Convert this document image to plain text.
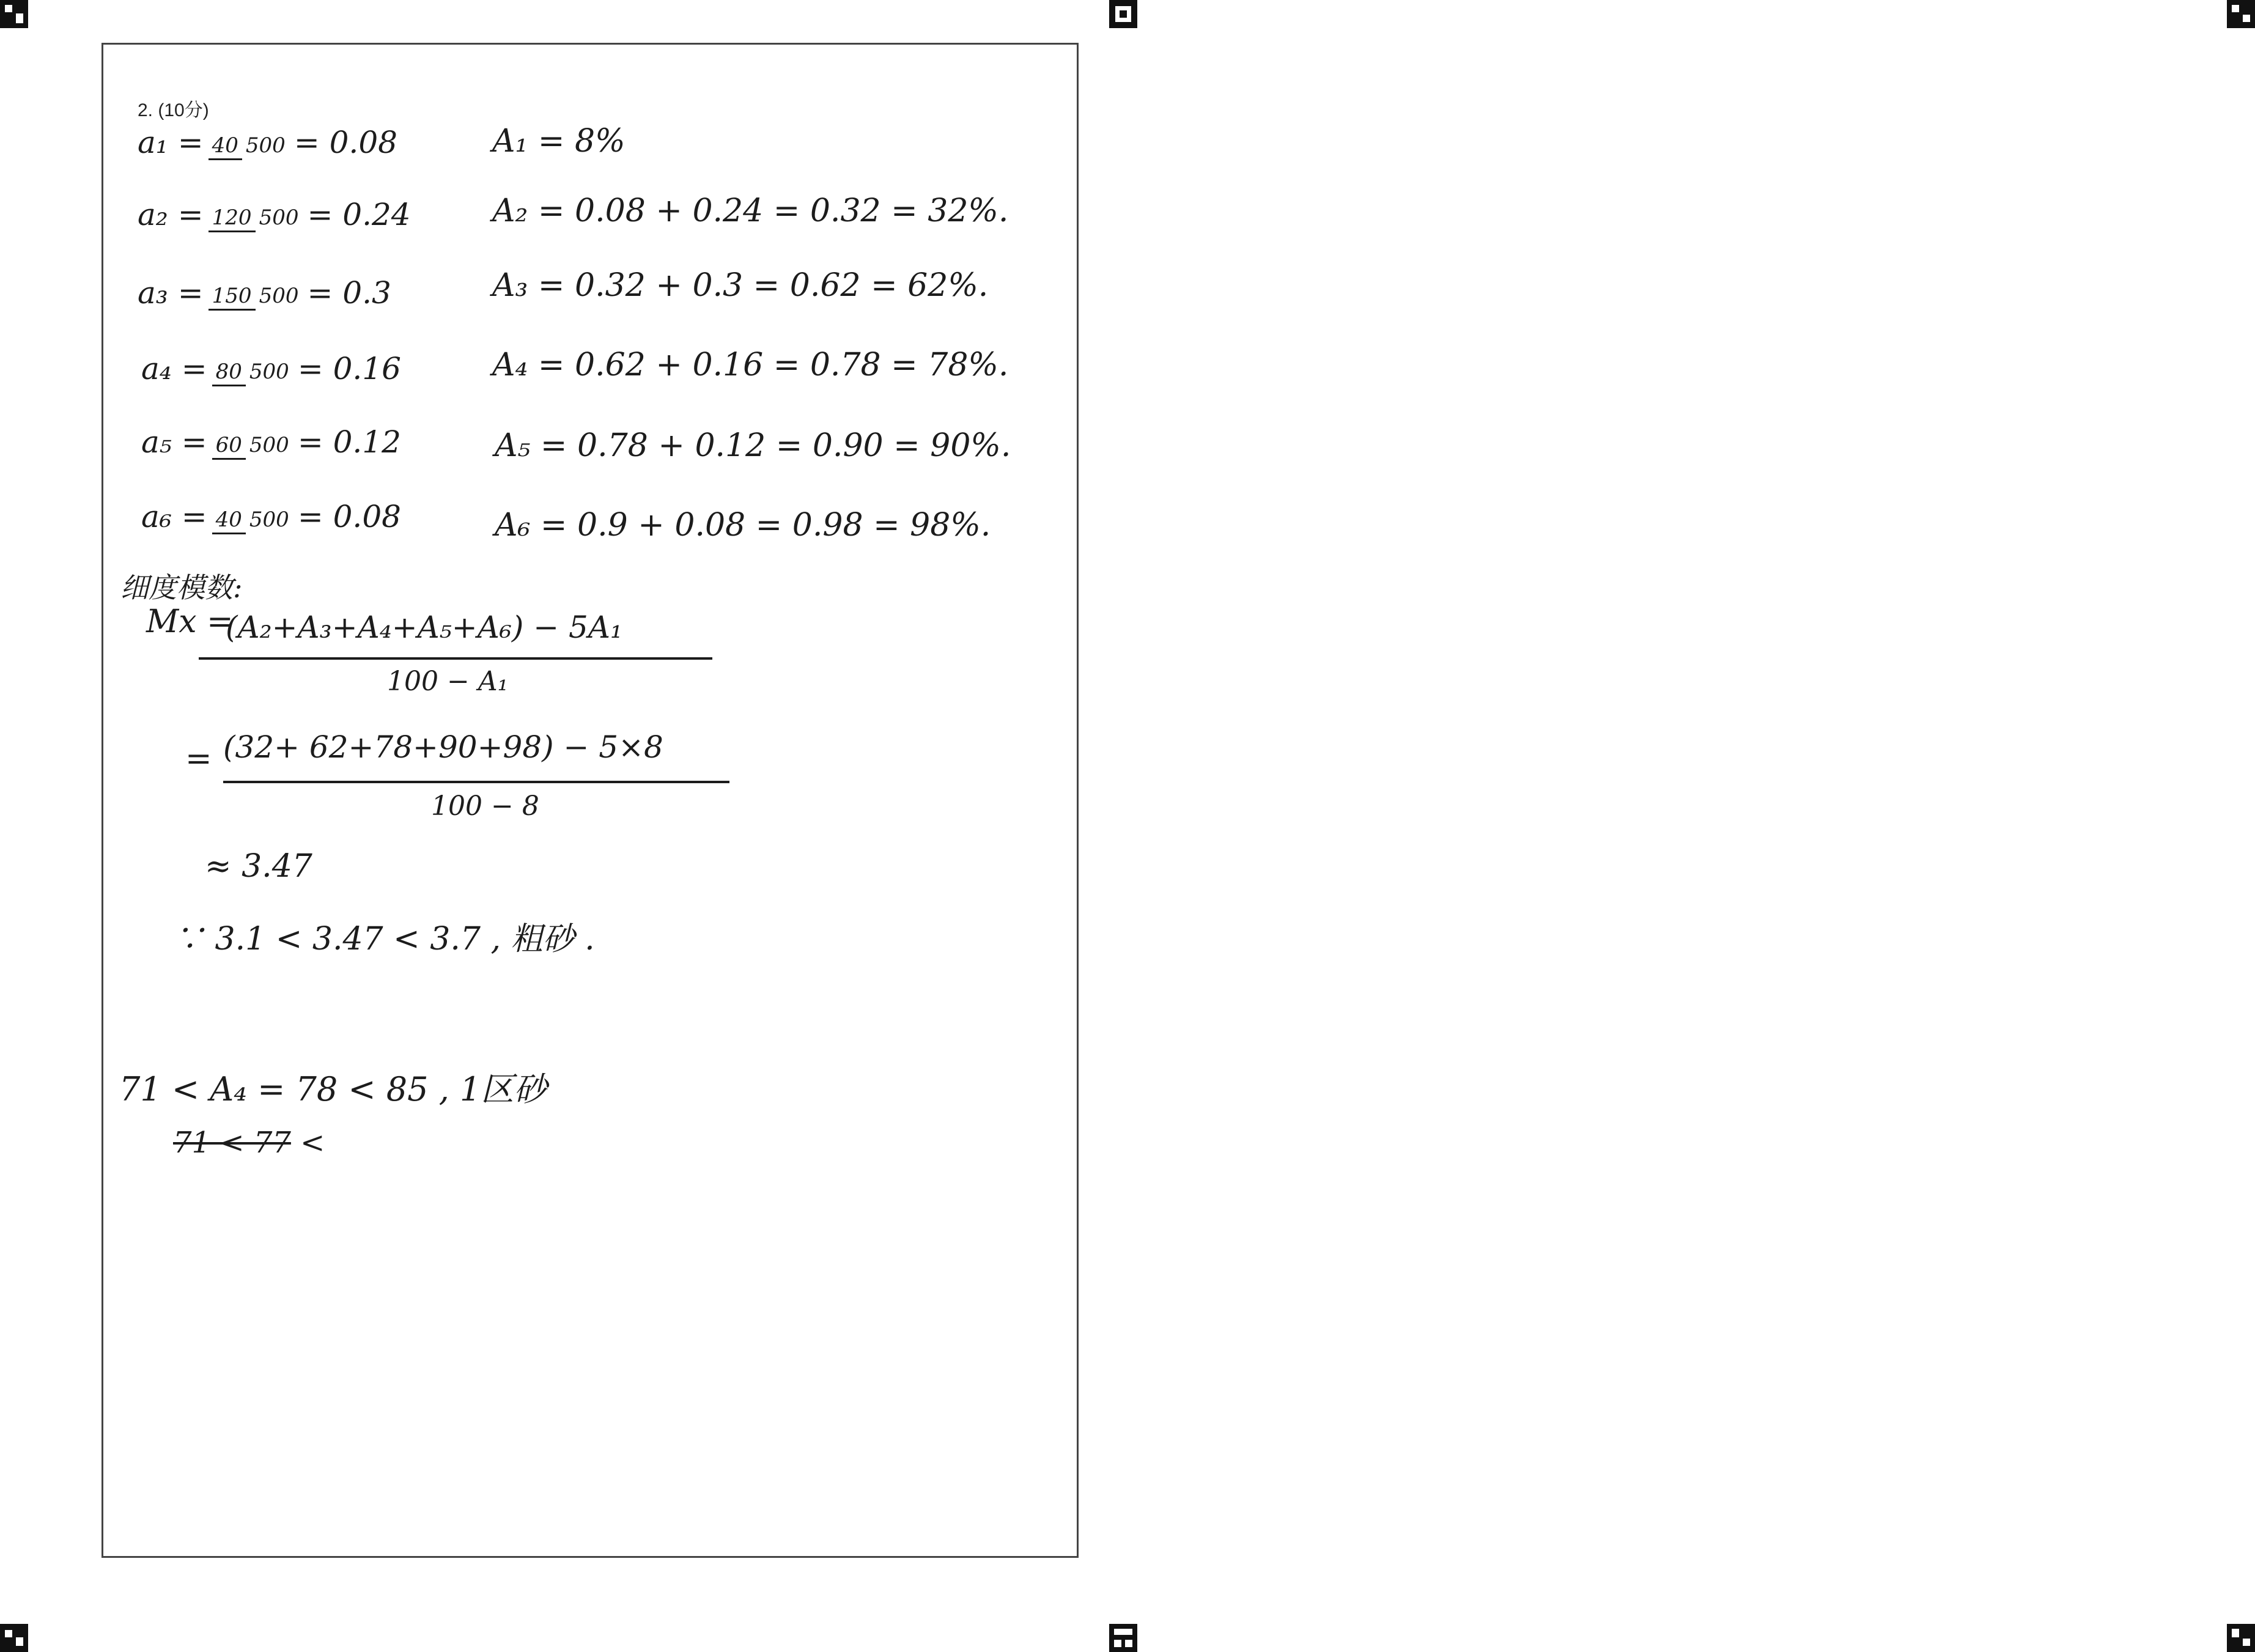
2. (10分)
a₁ = 40 500 = 0.08
a₂ = 120 500 = 0.24
a₃ = 150 500 = 0.3
a₄ = 80 500 = 0.16
a₅ = 60 500 = 0.12
a₆ = 40 500 = 0.08
A₁ = 8%
A₂ = 0.08 + 0.24 = 0.32 = 32%.
A₃ = 0.32 + 0.3 = 0.62 = 62%.
A₄ = 0.62 + 0.16 = 0.78 = 78%.
A₅ = 0.78 + 0.12 = 0.90 = 90%.
A₆ = 0.9 + 0.08 = 0.98 = 98%.
细度模数:
Mx =
(A₂+A₃+A₄+A₅+A₆) − 5A₁
100 − A₁
= (32+ 62+78+90+98) − 5×8
100 − 8
≈ 3.47
∵ 3.1 < 3.47 < 3.7 , 粗砂 .
71 < A₄ = 78 < 85 , 1区砂
71 < 77 <
